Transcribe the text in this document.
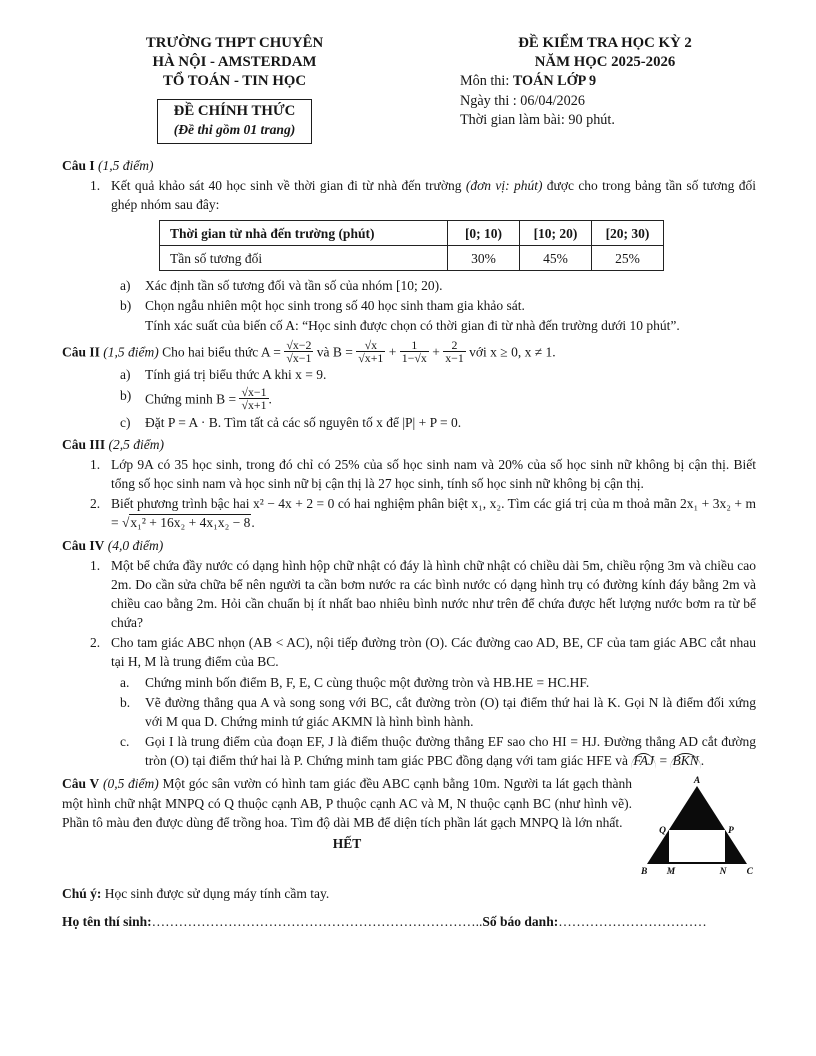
TRƯỜNG THPT CHUYÊN
HÀ NỘI - AMSTERDAM
TỔ TOÁN - TIN HỌC
ĐỀ CHÍNH THỨC
(Đề thi gồm 01 trang)
ĐỀ KIỂM TRA HỌC KỲ 2
NĂM HỌC 2025-2026
Môn thi: TOÁN LỚP 9
Ngày thi : 06/04/2026
Thời gian làm bài: 90 phút.
Câu I (1,5 điểm)
1. Kết quả khảo sát 40 học sinh về thời gian đi từ nhà đến trường (đơn vị: phút) được cho trong bảng tần số tương đối ghép nhóm sau đây:
Thời gian từ nhà đến trường (phút)	[0; 10)	[10; 20)	[20; 30)
Tần số tương đối	30%	45%	25%
a)	Xác định tần số tương đối và tần số của nhóm [10; 20).
b)	Chọn ngẫu nhiên một học sinh trong số 40 học sinh tham gia khảo sát.
Tính xác suất của biến cố A: “Học sinh được chọn có thời gian đi từ nhà đến trường dưới 10 phút”.
Câu II (1,5 điểm) Cho hai biểu thức $A = \frac{√x-2}{√x-1}$ và $B = \frac{√x}{√x+1} + \frac{1}{1-√x} + \frac{2}{x-1}$ với x ≥ 0, x ≠ 1.
a)	Tính giá trị biểu thức A khi x = 9.
b)	Chứng minh $B = \frac{√x-1}{√x+1}$ .
c)	Đặt P = A · B. Tìm tất cả các số nguyên tố x để |P| + P = 0.
Câu III (2,5 điểm)
1. Lớp 9A có 35 học sinh, trong đó chỉ có 25% của số học sinh nam và 20% của số học sinh nữ không bị cận thị. Biết tổng số học sinh nam và học sinh nữ bị cận thị là 27 học sinh, tính số học sinh nữ không bị cận thị.
2. Biết phương trình bậc hai x² − 4x + 2 = 0 có hai nghiệm phân biệt x₁, x₂. Tìm các giá trị của m thoả mãn 2x₁ + 3x₂ + m = √x₁² + 16x₂ + 4x₁x₂ − 8.
Câu IV (4,0 điểm)
1. Một bể chứa đầy nước có dạng hình hộp chữ nhật có đáy là hình chữ nhật có chiều dài 5m, chiều rộng 3m và chiều cao 2m. Do cần sửa chữa bể nên người ta cần bơm nước ra các bình nước có dạng hình trụ có đường kính đáy bằng 2m và chiều cao bằng 2m. Hỏi cần chuẩn bị ít nhất bao nhiêu bình nước như trên để chứa được hết lượng nước bơm ra từ bể chứa?
2. Cho tam giác ABC nhọn (AB < AC), nội tiếp đường tròn (O). Các đường cao AD, BE, CF của tam giác ABC cắt nhau tại H, M là trung điểm của BC.
a.	Chứng minh bốn điểm B, F, E, C cùng thuộc một đường tròn và HB.HE = HC.HF.
b.	Vẽ đường thẳng qua A và song song với BC, cắt đường tròn (O) tại điểm thứ hai là K. Gọi N là điểm đối xứng với M qua D. Chứng minh tứ giác AKMN là hình bình hành.
c.	Gọi I là trung điểm của đoạn EF, J là điểm thuộc đường thẳng EF sao cho HI = HJ. Đường thẳng AD cắt đường tròn (O) tại điểm thứ hai là P. Chứng minh tam giác PBC đồng dạng với tam giác HFE và FAJ = BKN .
A
Q	P
B M	N C
Câu V (0,5 điểm) Một góc sân vườn có hình tam giác đều ABC cạnh bằng 10m. Người ta lát gạch thành một hình chữ nhật MNPQ có Q thuộc cạnh AB, P thuộc cạnh AC và M, N thuộc cạnh BC (như hình vẽ). Phần tô màu đen được dùng để trồng hoa. Tìm độ dài MB để diện tích phần lát gạch MNPQ là lớn nhất.
HẾT
Chú ý: Học sinh được sử dụng máy tính cầm tay.
Họ tên thí sinh:………………………………………………………………..Số báo danh:……………………………
